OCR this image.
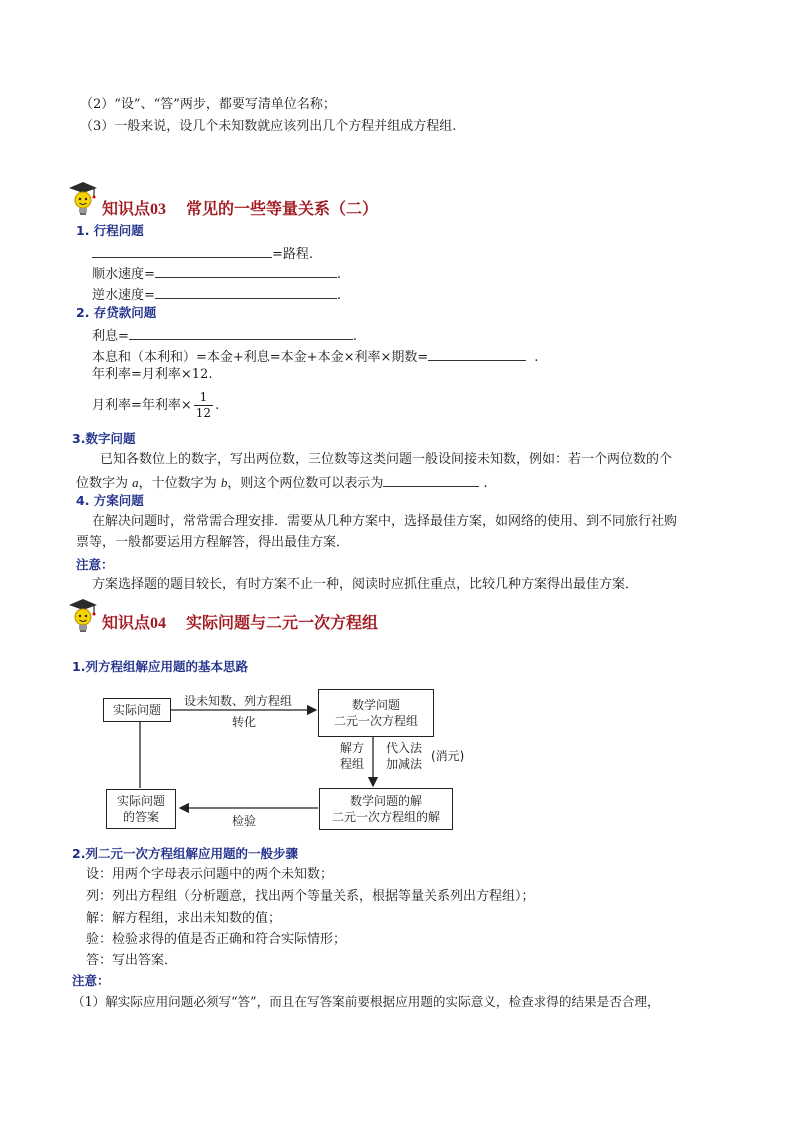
（2）“设”、“答”两步，都要写清单位名称；
（3）一般来说，设几个未知数就应该列出几个方程并组成方程组.
知识点03 常见的一些等量关系（二）
1. 行程问题
=路程.
顺水速度=	.
逆水速度=	.
2. 存贷款问题
利息=	.
本息和（本利和）=本金+利息=本金+本金×利率×期数=	.
年利率=月利率×12.
月利率=年利率× $\frac{1}{12}$ .
3.数字问题
已知各数位上的数字，写出两位数，三位数等这类问题一般设间接未知数，例如：若一个两位数的个
位数字为 a，十位数字为 b，则这个两位数可以表示为	.
4. 方案问题
在解决问题时，常常需合理安排．需要从几种方案中，选择最佳方案，如网络的使用、到不同旅行社购
票等，一般都要运用方程解答，得出最佳方案．
注意：
方案选择题的题目较长，有时方案不止一种，阅读时应抓住重点，比较几种方案得出最佳方案．
知识点04 实际问题与二元一次方程组
1.列方程组解应用题的基本思路
实际问题	数学问题
二元一次方程组
实际问题
的答案
数学问题的解
二元一次方程组的解
设未知数、列方程组
转化
解方
程组
代入法
加减法
(消元)
检验
2.列二元一次方程组解应用题的一般步骤
设：用两个字母表示问题中的两个未知数；
列：列出方程组（分析题意，找出两个等量关系，根据等量关系列出方程组）；
解：解方程组，求出未知数的值；
验：检验求得的值是否正确和符合实际情形；
答：写出答案．
注意：
（1）解实际应用问题必须写“答”，而且在写答案前要根据应用题的实际意义，检查求得的结果是否合理，
